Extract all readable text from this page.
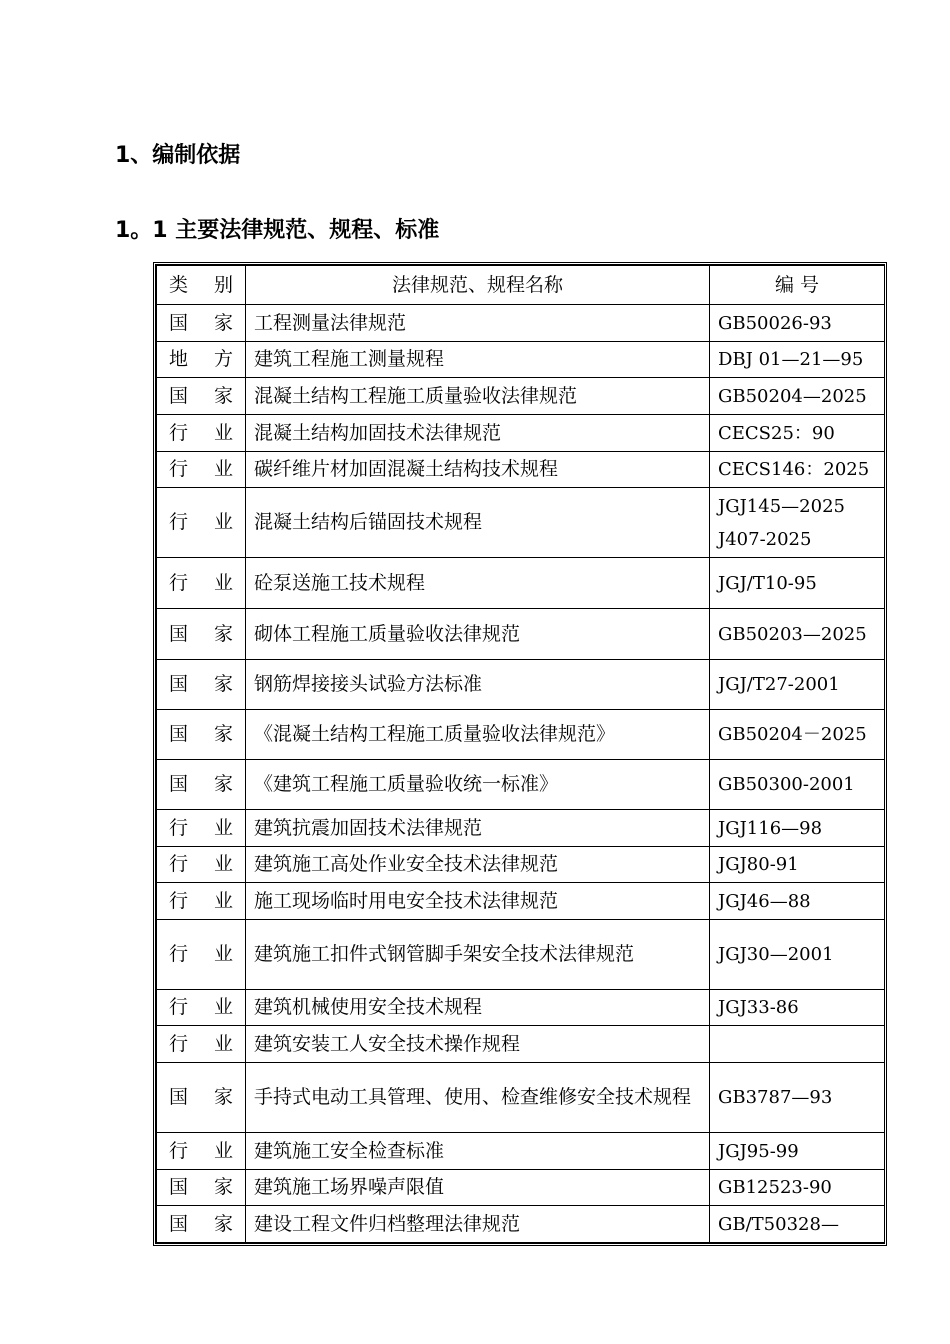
1、编制依据
1。1 主要法律规范、规程、标准
类 别	法律规范、规程名称	编 号
国 家	工程测量法律规范	GB50026-93

地 方	建筑工程施工测量规程	DBJ 01—21—95

国 家	混凝土结构工程施工质量验收法律规范	GB50204—2025

行 业	混凝土结构加固技术法律规范	CECS25：90

行 业	碳纤维片材加固混凝土结构技术规程	CECS146：2025

行 业	混凝土结构后锚固技术规程	JGJ145—2025
J407-2025

行 业	砼泵送施工技术规程	JGJ/T10-95

国 家	砌体工程施工质量验收法律规范	GB50203—2025

国 家	钢筋焊接接头试验方法标准	JGJ/T27-2001

国 家	《混凝土结构工程施工质量验收法律规范》	GB50204－2025

国 家	《建筑工程施工质量验收统一标准》	GB50300-2001

行 业	建筑抗震加固技术法律规范	JGJ116—98

行 业	建筑施工高处作业安全技术法律规范	JGJ80-91

行 业	施工现场临时用电安全技术法律规范	JGJ46—88

行 业	建筑施工扣件式钢管脚手架安全技术法律规范	JGJ30—2001

行 业	建筑机械使用安全技术规程	JGJ33-86

行 业	建筑安装工人安全技术操作规程	

国 家	手持式电动工具管理、使用、检查维修安全技术规程	GB3787—93

行 业	建筑施工安全检查标准	JGJ95-99

国 家	建筑施工场界噪声限值	GB12523-90

国 家	建设工程文件归档整理法律规范	GB/T50328—
